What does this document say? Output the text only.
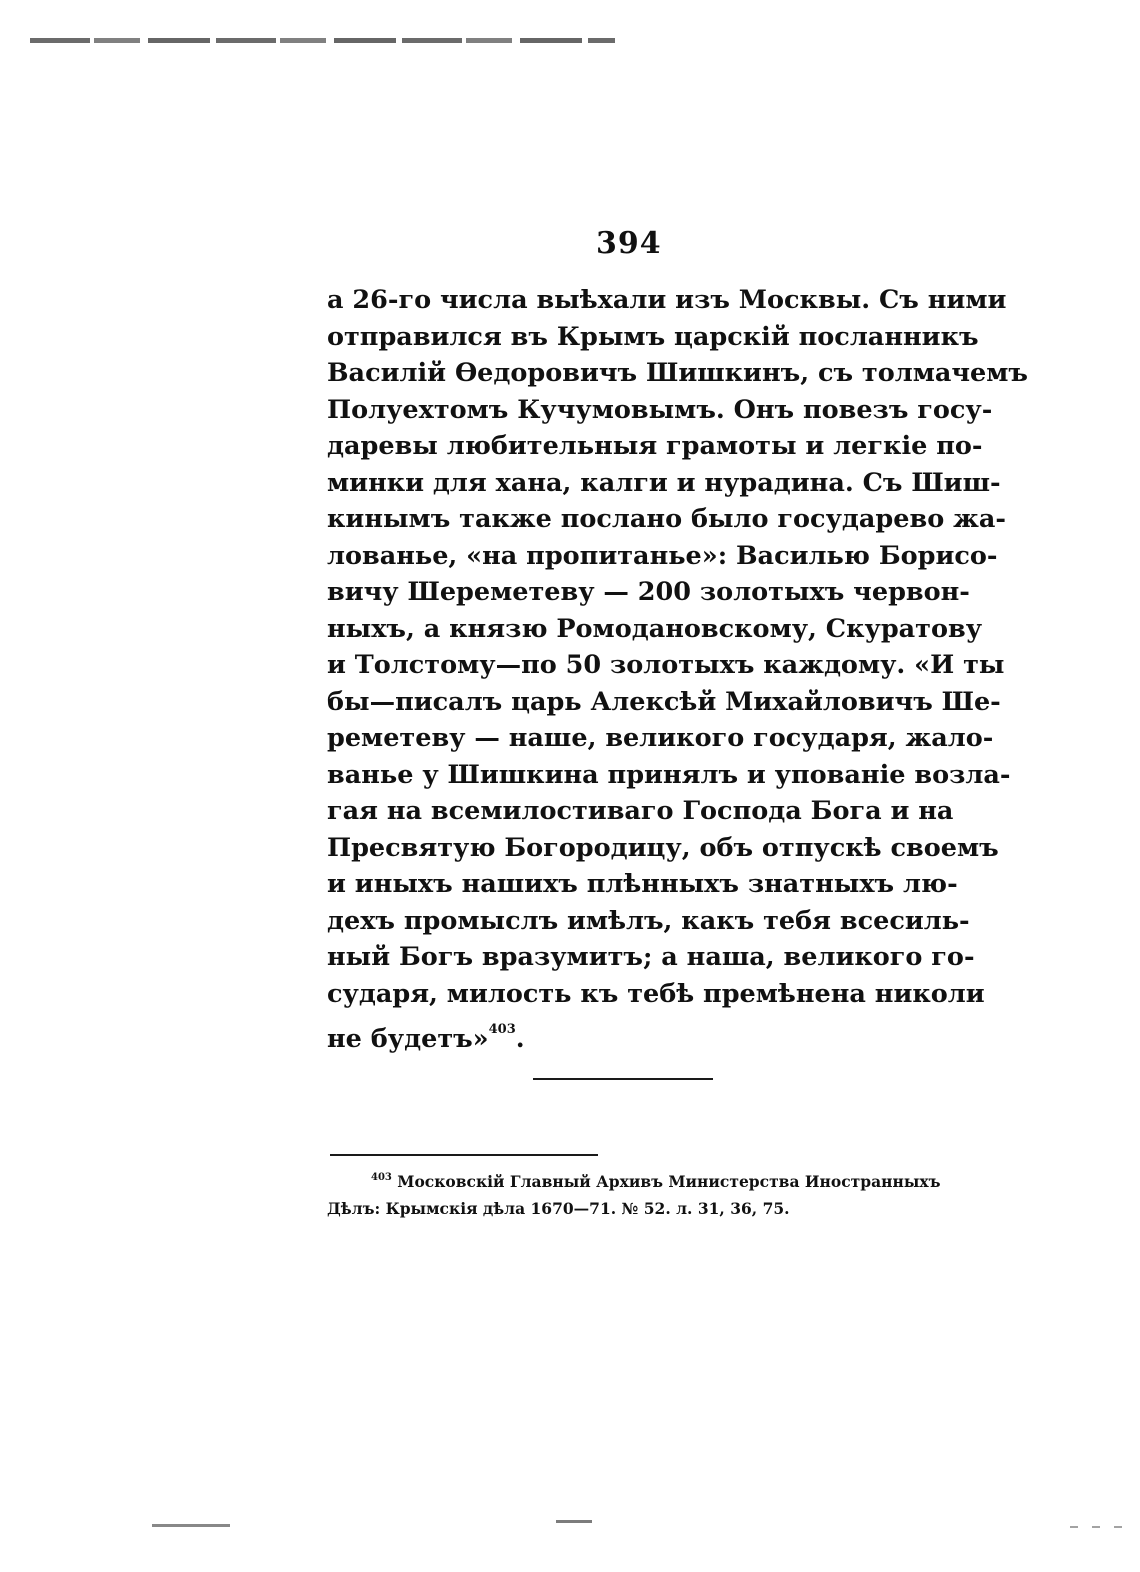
394
а 26-го числа выѣхали изъ Москвы. Съ ними
отправился въ Крымъ царскій посланникъ
Василій Ѳедоровичъ Шишкинъ, съ толмачемъ
Полуехтомъ Кучумовымъ. Онъ повезъ госу-
даревы любительныя грамоты и легкіе по-
минки для хана, калги и нурадина. Съ Шиш-
кинымъ также послано было государево жа-
лованье, «на пропитанье»: Василью Борисо-
вичу Шереметеву — 200 золотыхъ червон-
ныхъ, а князю Ромодановскому, Скуратову
и Толстому—по 50 золотыхъ каждому. «И ты
бы—писалъ царь Алексѣй Михайловичъ Ше-
реметеву — наше, великого государя, жало-
ванье у Шишкина принялъ и упованіе возла-
гая на всемилостиваго Господа Бога и на
Пресвятую Богородицу, объ отпускѣ своемъ
и иныхъ нашихъ плѣнныхъ знатныхъ лю-
дехъ промыслъ имѣлъ, какъ тебя всесиль-
ный Богъ вразумитъ; а наша, великого го-
сударя, милость къ тебѣ премѣнена николи
не будетъ»$^{403}$.
$^{403}$ Московскій Главный Архивъ Министерства Иностранныхъ
Дѣлъ: Крымскія дѣла 1670—71. № 52. л. 31, 36, 75.
